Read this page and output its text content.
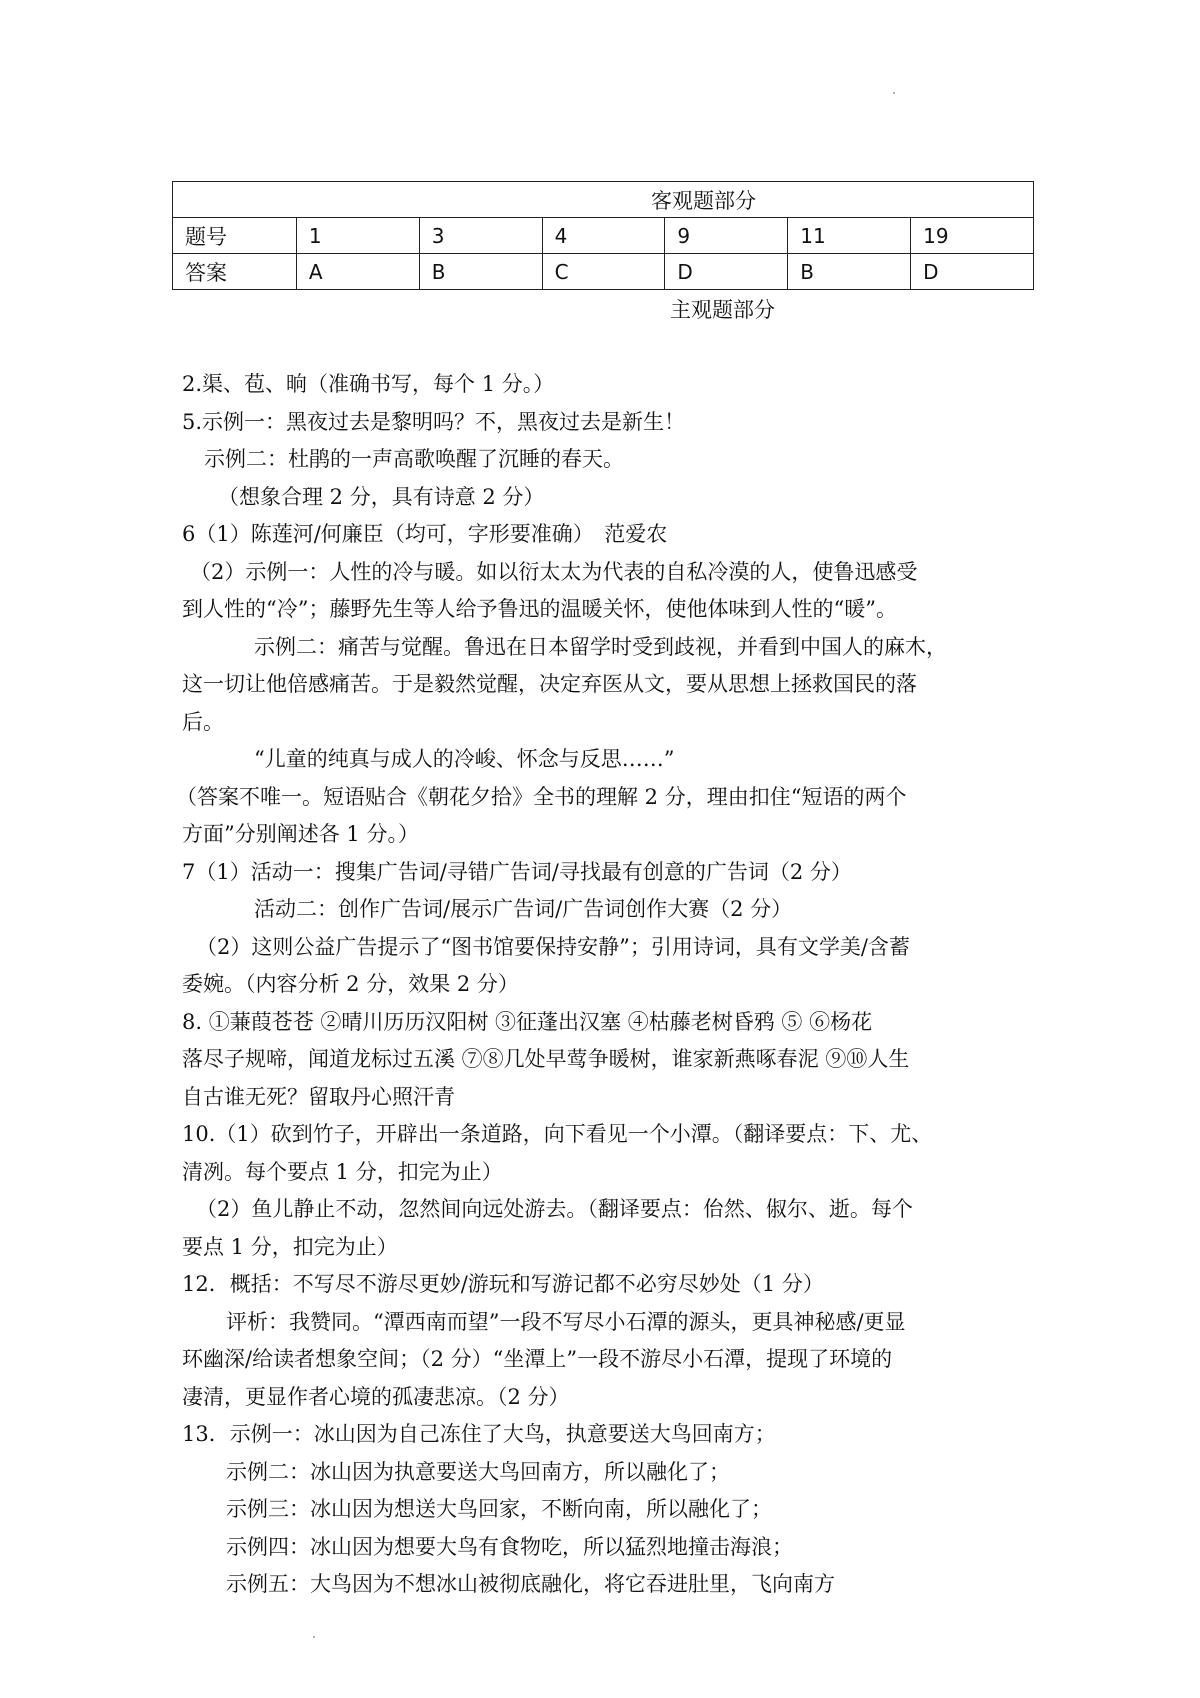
客观题部分						
题号	1	3	4	9	11	19
答案	A	B	C	D	B	D
主观题部分

2.渠、苞、晌（准确书写，每个 1 分。）

5.示例一：黑夜过去是黎明吗？不，黑夜过去是新生！

示例二：杜鹃的一声高歌唤醒了沉睡的春天。

（想象合理 2 分，具有诗意 2 分）

6（1）陈莲河/何廉臣（均可，字形要准确）　范爱农

（2）示例一：人性的冷与暖。如以衍太太为代表的自私冷漠的人，使鲁迅感受

到人性的“冷”；藤野先生等人给予鲁迅的温暖关怀，使他体味到人性的“暖”。

示例二：痛苦与觉醒。鲁迅在日本留学时受到歧视，并看到中国人的麻木，

这一切让他倍感痛苦。于是毅然觉醒，决定弃医从文，要从思想上拯救国民的落

后。

“儿童的纯真与成人的冷峻、怀念与反思……”

（答案不唯一。短语贴合《朝花夕拾》全书的理解 2 分，理由扣住“短语的两个

方面”分别阐述各 1 分。）

7（1）活动一：搜集广告词/寻错广告词/寻找最有创意的广告词（2 分）

活动二：创作广告词/展示广告词/广告词创作大赛（2 分）

（2）这则公益广告提示了“图书馆要保持安静”；引用诗词，具有文学美/含蓄

委婉。（内容分析 2 分，效果 2 分）

8. ①蒹葭苍苍 ②晴川历历汉阳树 ③征蓬出汉塞 ④枯藤老树昏鸦 ⑤ ⑥杨花

落尽子规啼，闻道龙标过五溪 ⑦⑧几处早莺争暖树，谁家新燕啄春泥 ⑨⑩人生

自古谁无死？留取丹心照汗青

10.（1）砍到竹子，开辟出一条道路，向下看见一个小潭。（翻译要点：下、尤、

清冽。每个要点 1 分，扣完为止）

（2）鱼儿静止不动，忽然间向远处游去。（翻译要点：佁然、俶尔、逝。每个

要点 1 分，扣完为止）

12．概括：不写尽不游尽更妙/游玩和写游记都不必穷尽妙处（1 分）

评析：我赞同。“潭西南而望”一段不写尽小石潭的源头，更具神秘感/更显

环幽深/给读者想象空间；（2 分）“坐潭上”一段不游尽小石潭，提现了环境的

凄清，更显作者心境的孤凄悲凉。（2 分）

13．示例一：冰山因为自己冻住了大鸟，执意要送大鸟回南方；

示例二：冰山因为执意要送大鸟回南方，所以融化了；

示例三：冰山因为想送大鸟回家，不断向南，所以融化了；

示例四：冰山因为想要大鸟有食物吃，所以猛烈地撞击海浪；

示例五：大鸟因为不想冰山被彻底融化，将它吞进肚里，飞向南方
